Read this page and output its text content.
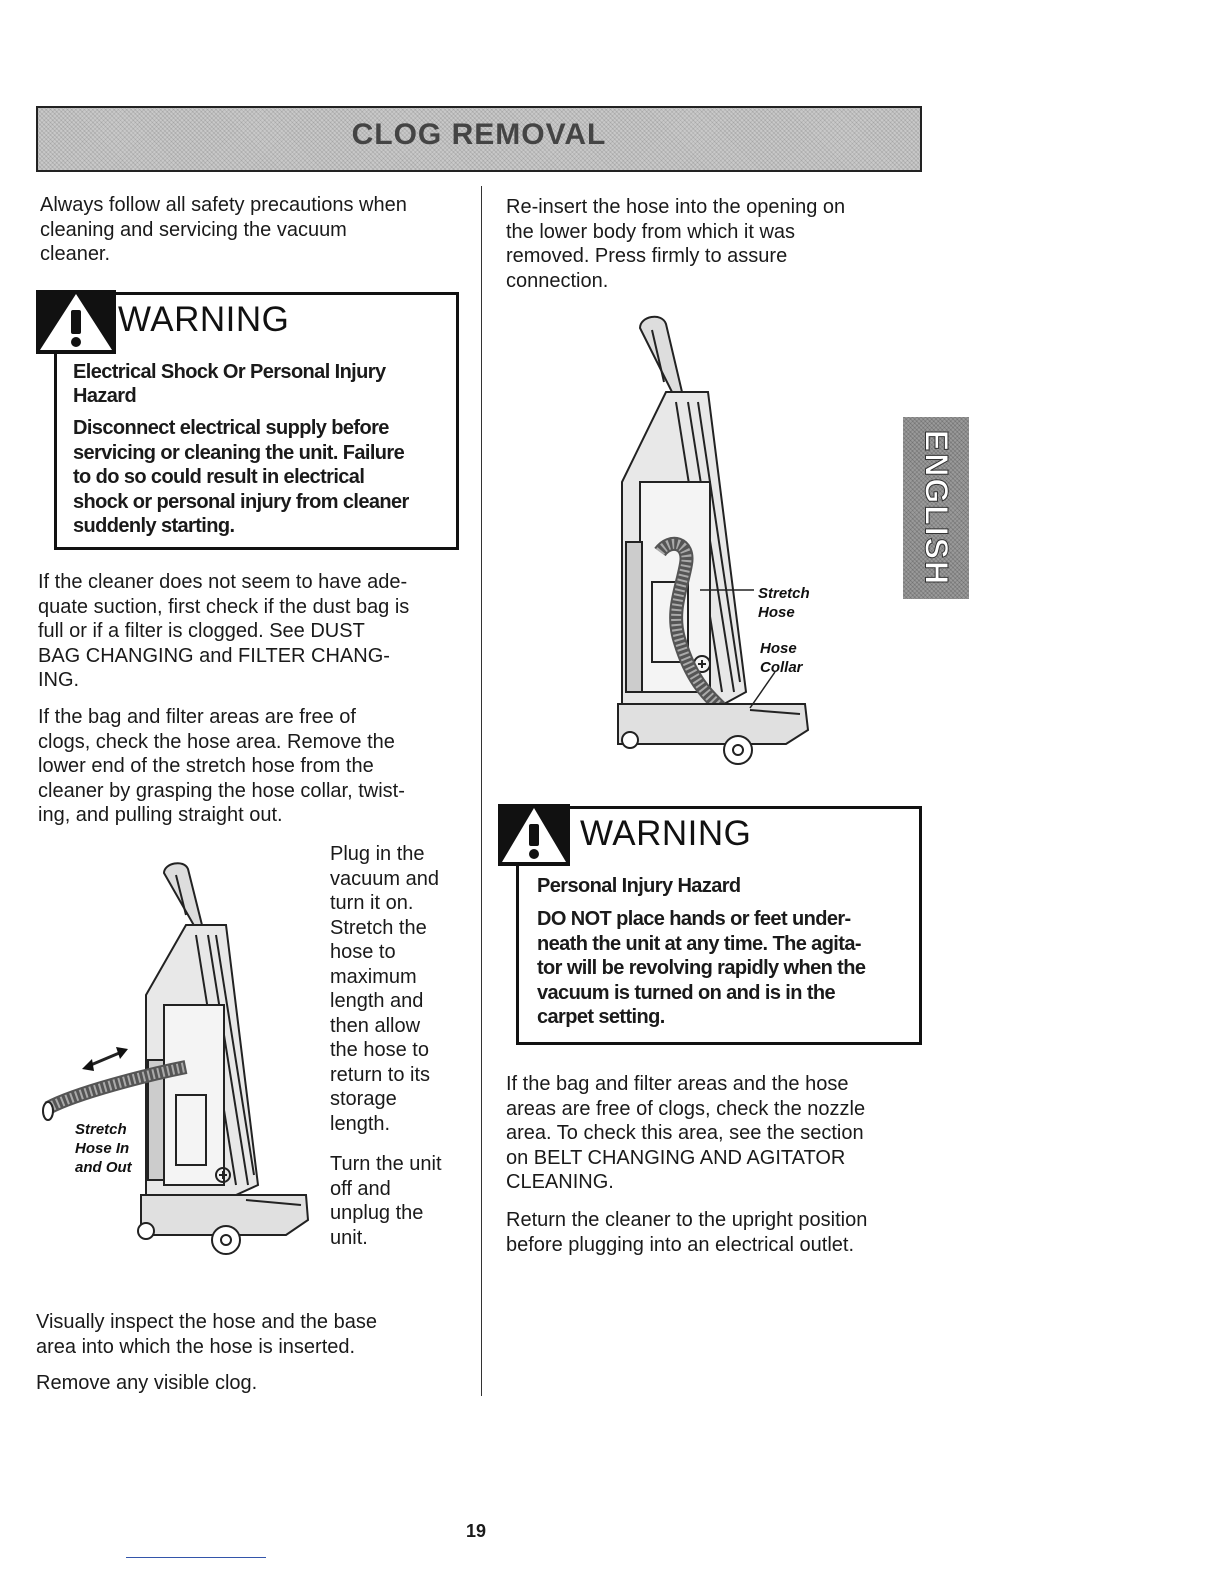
CLOG REMOVAL
Always follow all safety precautions when
cleaning and servicing the vacuum
cleaner.
WARNING
Electrical Shock Or Personal Injury
Hazard
Disconnect electrical supply before
servicing or cleaning the unit. Failure
to do so could result in electrical
shock or personal injury from cleaner
suddenly starting.
If the cleaner does not seem to have ade-
quate suction, first check if the dust bag is
full or if a filter is clogged. See DUST
BAG CHANGING and FILTER CHANG-
ING.
If the bag and filter areas are free of
clogs, check the hose area. Remove the
lower end of the stretch hose from the
cleaner by grasping the hose collar, twist-
ing, and pulling straight out.
Stretch
Hose In
and Out
Plug in the
vacuum and
turn it on.
Stretch the
hose to
maximum
length and
then allow
the hose to
return to its
storage
length.
Turn the unit
off and
unplug the
unit.
Visually inspect the hose and the base
area into which the hose is inserted.
Remove any visible clog.
Re-insert the hose into the opening on
the lower body from which it was
removed. Press firmly to assure
connection.
Stretch
Hose
Hose
Collar
WARNING
Personal Injury Hazard
DO NOT place hands or feet under-
neath the unit at any time. The agita-
tor will be revolving rapidly when the
vacuum is turned on and is in the
carpet setting.
If the bag and filter areas and the hose
areas are free of clogs, check the nozzle
area. To check this area, see the section
on BELT CHANGING AND AGITATOR
CLEANING.
Return the cleaner to the upright position
before plugging into an electrical outlet.
ENGLISH
19
